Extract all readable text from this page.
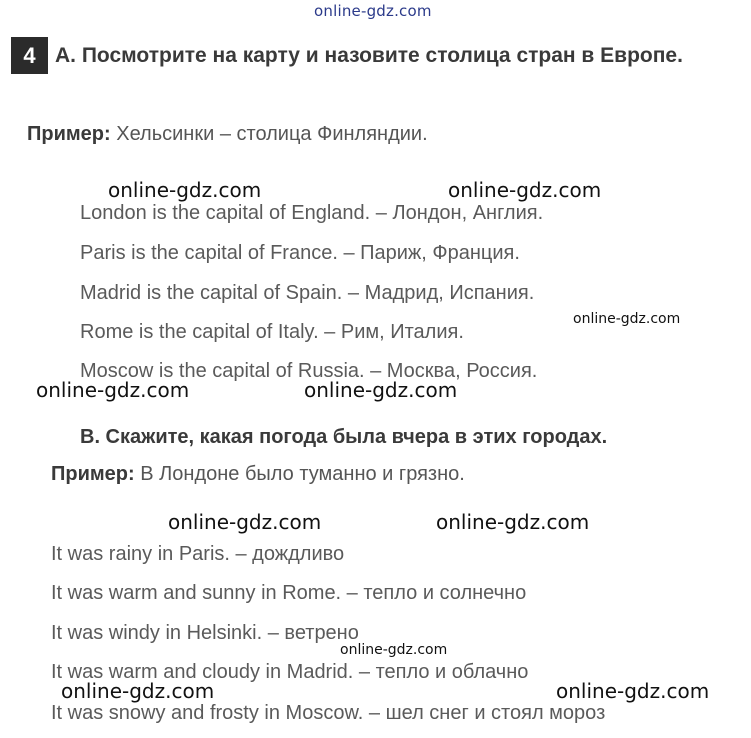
online-gdz.com
4 А. Посмотрите на карту и назовите столица стран в Европе.
Пример: Хельсинки – столица Финляндии.
London is the capital of England. – Лондон, Англия.
Paris is the capital of France. – Париж, Франция.
Madrid is the capital of Spain. – Мадрид, Испания.
Rome is the capital of Italy. – Рим, Италия.
Moscow is the capital of Russia. – Москва, Россия.
В. Скажите, какая погода была вчера в этих городах.
Пример: В Лондоне было туманно и грязно.
It was rainy in Paris. – дождливо
It was warm and sunny in Rome. – тепло и солнечно
It was windy in Helsinki. – ветрено
It was warm and cloudy in Madrid. – тепло и облачно
It was snowy and frosty in Moscow. – шел снег и стоял мороз
online-gdz.com	online-gdz.com
online-gdz.com
online-gdz.com	online-gdz.com
online-gdz.com	online-gdz.com
online-gdz.com
online-gdz.com	online-gdz.com
